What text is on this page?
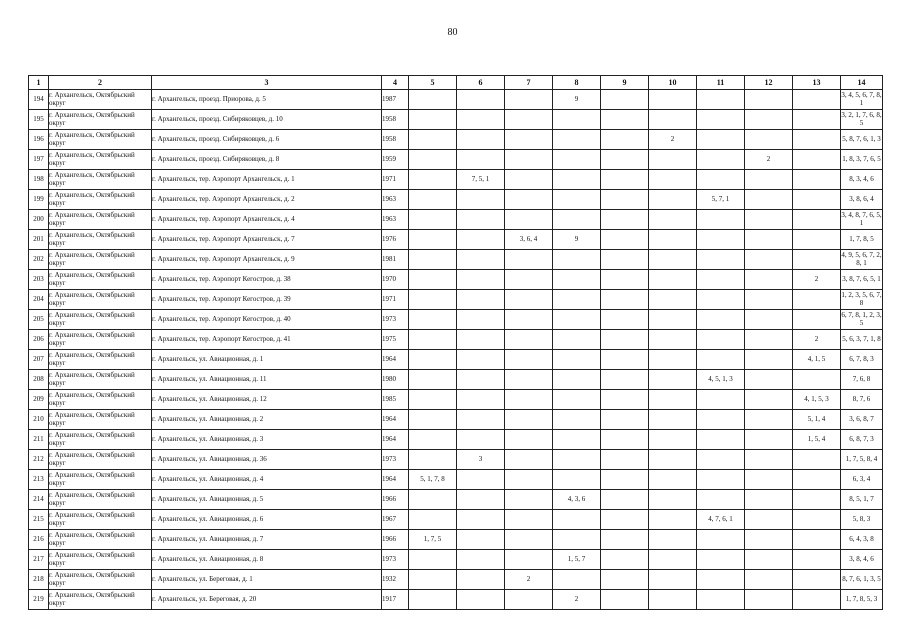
80
1	2	3	4	5	6	7	8	9	10	11	12	13	14
194	г. Архангельск, Октябрьский округ	г. Архангельск, проезд. Приорова, д. 5	1987				9						3, 4, 5, 6, 7, 8, 1
195	г. Архангельск, Октябрьский округ	г. Архангельск, проезд. Сибиряковцев, д. 10	1958										3, 2, 1, 7, 6, 8, 5
196	г. Архангельск, Октябрьский округ	г. Архангельск, проезд. Сибиряковцев, д. 6	1958						2				5, 8, 7, 6, 1, 3
197	г. Архангельск, Октябрьский округ	г. Архангельск, проезд. Сибиряковцев, д. 8	1959								2		1, 8, 3, 7, 6, 5
198	г. Архангельск, Октябрьский округ	г. Архангельск, тер. Аэропорт Архангельск, д. 1	1971		7, 5, 1								8, 3, 4, 6
199	г. Архангельск, Октябрьский округ	г. Архангельск, тер. Аэропорт Архангельск, д. 2	1963							5, 7, 1			3, 8, 6, 4
200	г. Архангельск, Октябрьский округ	г. Архангельск, тер. Аэропорт Архангельск, д. 4	1963										3, 4, 8, 7, 6, 5, 1
201	г. Архангельск, Октябрьский округ	г. Архангельск, тер. Аэропорт Архангельск, д. 7	1976			3, 6, 4	9						1, 7, 8, 5
202	г. Архангельск, Октябрьский округ	г. Архангельск, тер. Аэропорт Архангельск, д. 9	1981										4, 9, 5, 6, 7, 2, 8, 1
203	г. Архангельск, Октябрьский округ	г. Архангельск, тер. Аэропорт Кегостров, д. 38	1970									2	3, 8, 7, 6, 5, 1
204	г. Архангельск, Октябрьский округ	г. Архангельск, тер. Аэропорт Кегостров, д. 39	1971										1, 2, 3, 5, 6, 7, 8
205	г. Архангельск, Октябрьский округ	г. Архангельск, тер. Аэропорт Кегостров, д. 40	1973										6, 7, 8, 1, 2, 3, 5
206	г. Архангельск, Октябрьский округ	г. Архангельск, тер. Аэропорт Кегостров, д. 41	1975									2	5, 6, 3, 7, 1, 8
207	г. Архангельск, Октябрьский округ	г. Архангельск, ул. Авиационная, д. 1	1964									4, 1, 5	6, 7, 8, 3
208	г. Архангельск, Октябрьский округ	г. Архангельск, ул. Авиационная, д. 11	1980							4, 5, 1, 3			7, 6, 8
209	г. Архангельск, Октябрьский округ	г. Архангельск, ул. Авиационная, д. 12	1985									4, 1, 5, 3	8, 7, 6
210	г. Архангельск, Октябрьский округ	г. Архангельск, ул. Авиационная, д. 2	1964									5, 1, 4	3, 6, 8, 7
211	г. Архангельск, Октябрьский округ	г. Архангельск, ул. Авиационная, д. 3	1964									1, 5, 4	6, 8, 7, 3
212	г. Архангельск, Октябрьский округ	г. Архангельск, ул. Авиационная, д. 36	1973		3								1, 7, 5, 8, 4
213	г. Архангельск, Октябрьский округ	г. Архангельск, ул. Авиационная, д. 4	1964	5, 1, 7, 8									6, 3, 4
214	г. Архангельск, Октябрьский округ	г. Архангельск, ул. Авиационная, д. 5	1966				4, 3, 6						8, 5, 1, 7
215	г. Архангельск, Октябрьский округ	г. Архангельск, ул. Авиационная, д. 6	1967							4, 7, 6, 1			5, 8, 3
216	г. Архангельск, Октябрьский округ	г. Архангельск, ул. Авиационная, д. 7	1966	1, 7, 5									6, 4, 3, 8
217	г. Архангельск, Октябрьский округ	г. Архангельск, ул. Авиационная, д. 8	1973				1, 5, 7						3, 8, 4, 6
218	г. Архангельск, Октябрьский округ	г. Архангельск, ул. Береговая, д. 1	1932			2							8, 7, 6, 1, 3, 5
219	г. Архангельск, Октябрьский округ	г. Архангельск, ул. Береговая, д. 20	1917				2						1, 7, 8, 5, 3
